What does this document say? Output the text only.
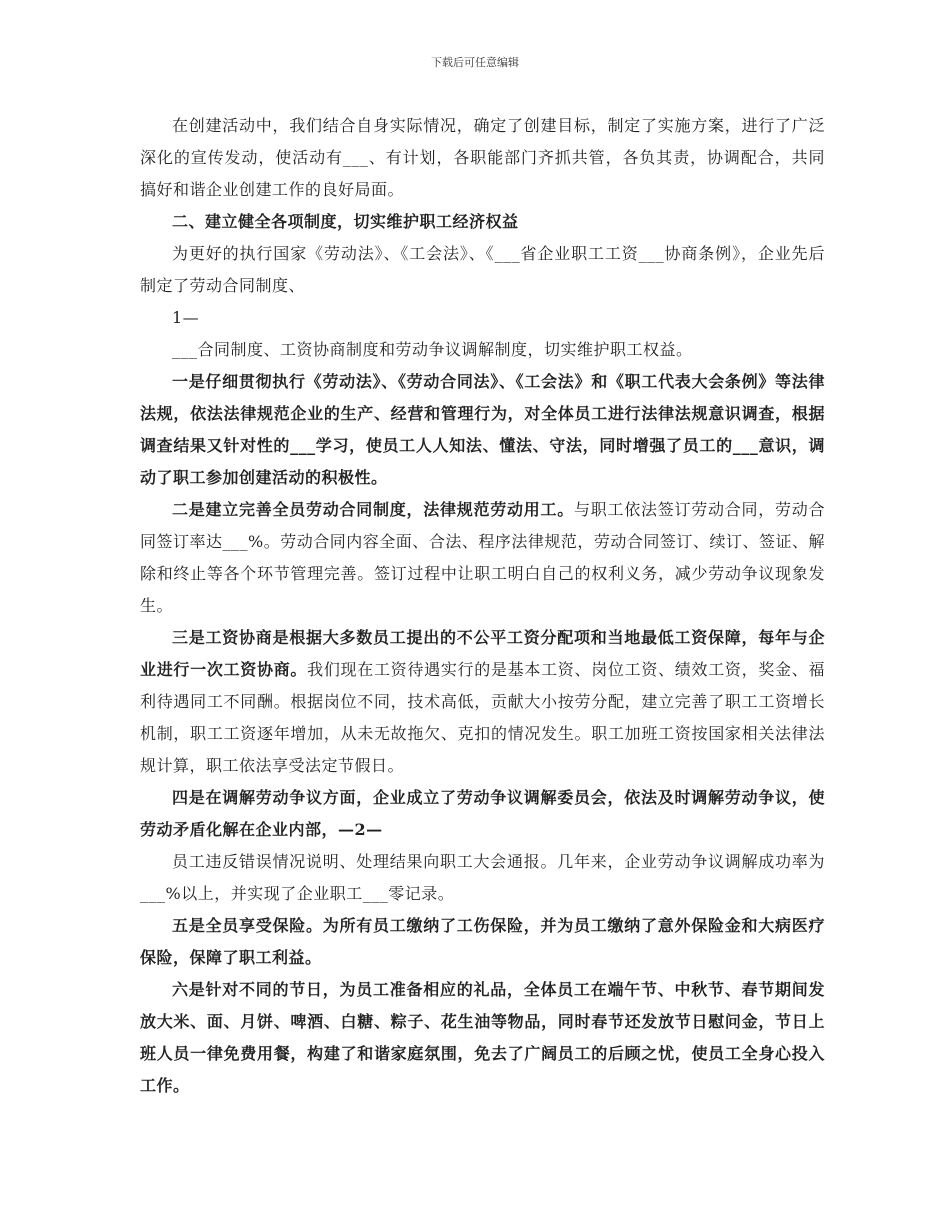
下载后可任意编辑

在创建活动中，我们结合自身实际情况，确定了创建目标，制定了实施方案，进行了广泛深化的宣传发动，使活动有___、有计划，各职能部门齐抓共管，各负其责，协调配合，共同搞好和谐企业创建工作的良好局面。

二、建立健全各项制度，切实维护职工经济权益

为更好的执行国家《劳动法》、《工会法》、《___省企业职工工资___协商条例》，企业先后制定了劳动合同制度、

1—

___合同制度、工资协商制度和劳动争议调解制度，切实维护职工权益。

一是仔细贯彻执行《劳动法》、《劳动合同法》、《工会法》和《职工代表大会条例》等法律法规，依法法律规范企业的生产、经营和管理行为，对全体员工进行法律法规意识调查，根据调查结果又针对性的___学习，使员工人人知法、懂法、守法，同时增强了员工的___意识，调动了职工参加创建活动的积极性。

二是建立完善全员劳动合同制度，法律规范劳动用工。与职工依法签订劳动合同，劳动合同签订率达___%。劳动合同内容全面、合法、程序法律规范，劳动合同签订、续订、签证、解除和终止等各个环节管理完善。签订过程中让职工明白自己的权利义务，减少劳动争议现象发生。

三是工资协商是根据大多数员工提出的不公平工资分配项和当地最低工资保障，每年与企业进行一次工资协商。我们现在工资待遇实行的是基本工资、岗位工资、绩效工资，奖金、福利待遇同工不同酬。根据岗位不同，技术高低，贡献大小按劳分配，建立完善了职工工资增长机制，职工工资逐年增加，从未无故拖欠、克扣的情况发生。职工加班工资按国家相关法律法规计算，职工依法享受法定节假日。

四是在调解劳动争议方面，企业成立了劳动争议调解委员会，依法及时调解劳动争议，使劳动矛盾化解在企业内部，—2—

员工违反错误情况说明、处理结果向职工大会通报。几年来，企业劳动争议调解成功率为___%以上，并实现了企业职工___零记录。

五是全员享受保险。为所有员工缴纳了工伤保险，并为员工缴纳了意外保险金和大病医疗保险，保障了职工利益。

六是针对不同的节日，为员工准备相应的礼品，全体员工在端午节、中秋节、春节期间发放大米、面、月饼、啤酒、白糖、粽子、花生油等物品，同时春节还发放节日慰问金，节日上班人员一律免费用餐，构建了和谐家庭氛围，免去了广阔员工的后顾之忧，使员工全身心投入工作。
